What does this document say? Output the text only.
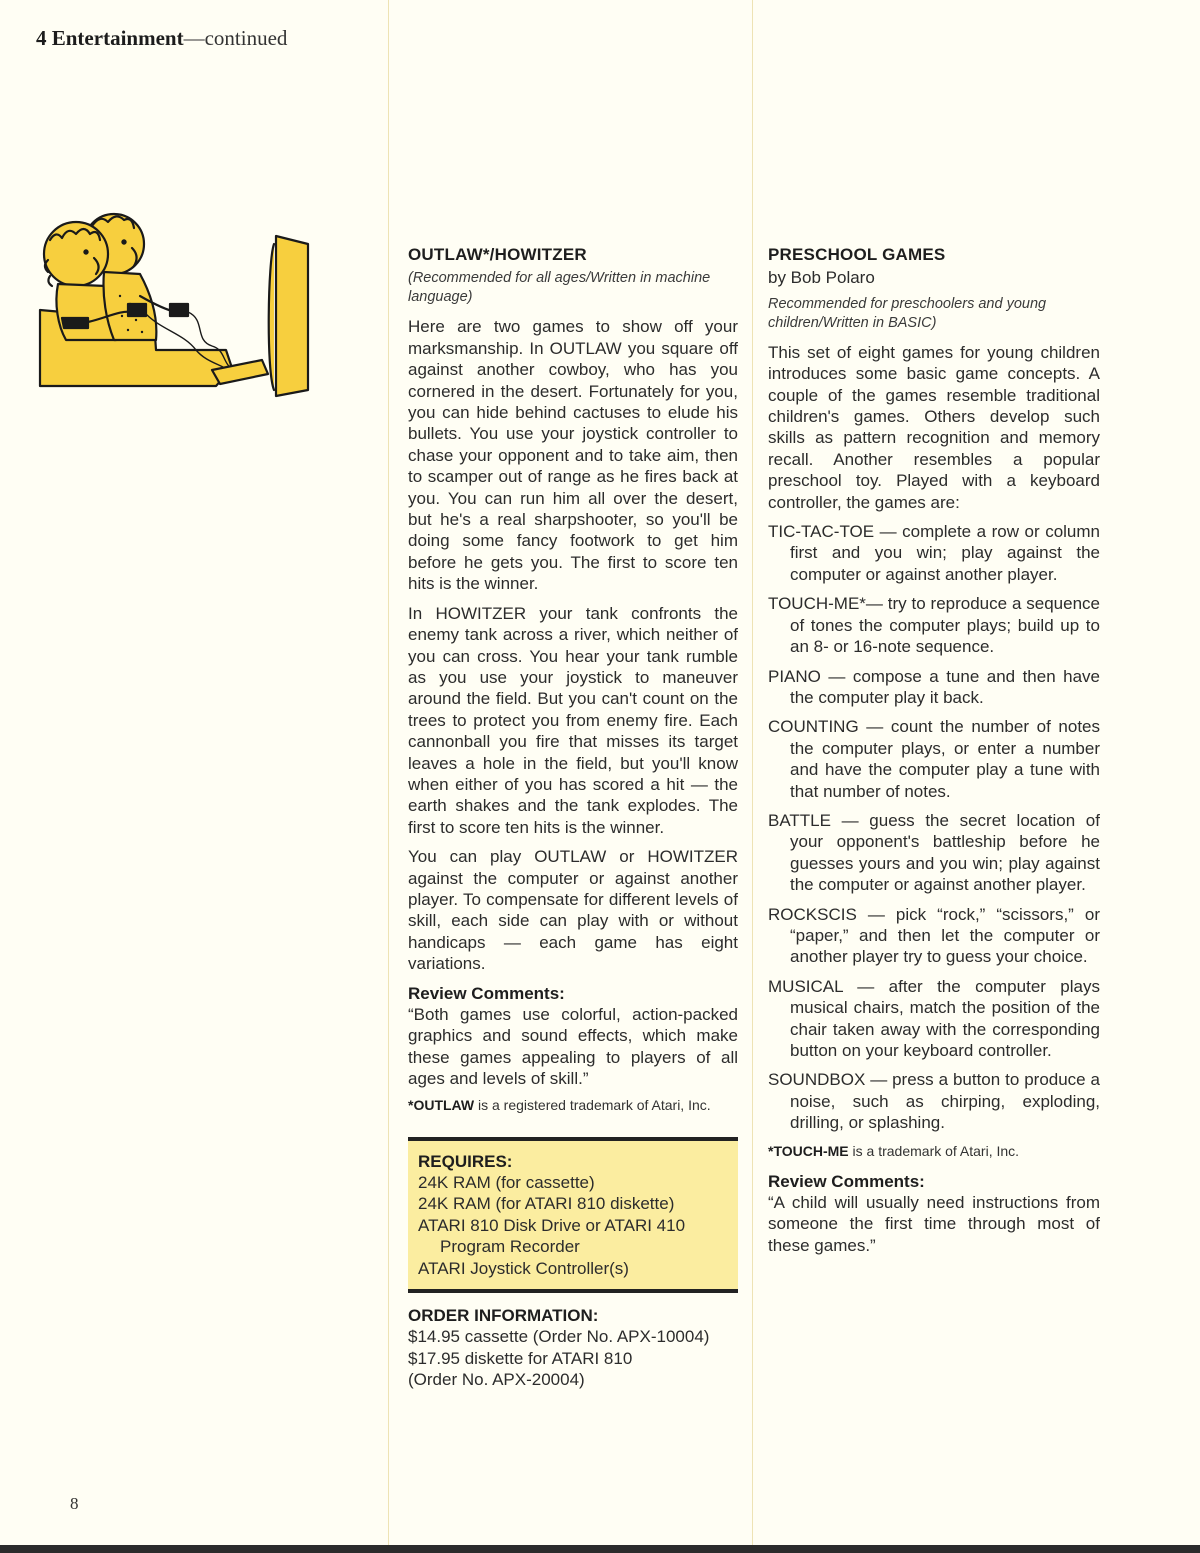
4 Entertainment—continued
OUTLAW*/HOWITZER
(Recommended for all ages/Written in machine language)

Here are two games to show off your marksmanship. In OUTLAW you square off against another cowboy, who has you cornered in the desert. Fortunately for you, you can hide behind cactuses to elude his bullets. You use your joystick controller to chase your opponent and to take aim, then to scamper out of range as he fires back at you. You can run him all over the desert, but he's a real sharpshooter, so you'll be doing some fancy footwork to get him before he gets you. The first to score ten hits is the winner.

In HOWITZER your tank confronts the enemy tank across a river, which neither of you can cross. You hear your tank rumble as you use your joystick to maneuver around the field. But you can't count on the trees to protect you from enemy fire. Each cannonball you fire that misses its target leaves a hole in the field, but you'll know when either of you has scored a hit — the earth shakes and the tank explodes. The first to score ten hits is the winner.

You can play OUTLAW or HOWITZER against the computer or against another player. To compensate for different levels of skill, each side can play with or without handicaps — each game has eight variations.

Review Comments:
“Both games use colorful, action-packed graphics and sound effects, which make these games appealing to players of all ages and levels of skill.”
*OUTLAW is a registered trademark of Atari, Inc.
REQUIRES:
24K RAM (for cassette)
24K RAM (for ATARI 810 diskette)
ATARI 810 Disk Drive or ATARI 410 Program Recorder
ATARI Joystick Controller(s)
ORDER INFORMATION:
$14.95 cassette (Order No. APX-10004)
$17.95 diskette for ATARI 810
(Order No. APX-20004)
PRESCHOOL GAMES
by Bob Polaro
Recommended for preschoolers and young children/Written in BASIC)

This set of eight games for young children introduces some basic game concepts. A couple of the games resemble traditional children's games. Others develop such skills as pattern recognition and memory recall. Another resembles a popular preschool toy. Played with a keyboard controller, the games are:

TIC-TAC-TOE — complete a row or column first and you win; play against the computer or against another player.

TOUCH-ME*— try to reproduce a sequence of tones the computer plays; build up to an 8- or 16-note sequence.

PIANO — compose a tune and then have the computer play it back.

COUNTING — count the number of notes the computer plays, or enter a number and have the computer play a tune with that number of notes.

BATTLE — guess the secret location of your opponent's battleship before he guesses yours and you win; play against the computer or against another player.

ROCKSCIS — pick “rock,” “scissors,” or “paper,” and then let the computer or another player try to guess your choice.

MUSICAL — after the computer plays musical chairs, match the position of the chair taken away with the corresponding button on your keyboard controller.

SOUNDBOX — press a button to produce a noise, such as chirping, exploding, drilling, or splashing.

*TOUCH-ME is a trademark of Atari, Inc.
Review Comments:
“A child will usually need instructions from someone the first time through most of these games.”
8
